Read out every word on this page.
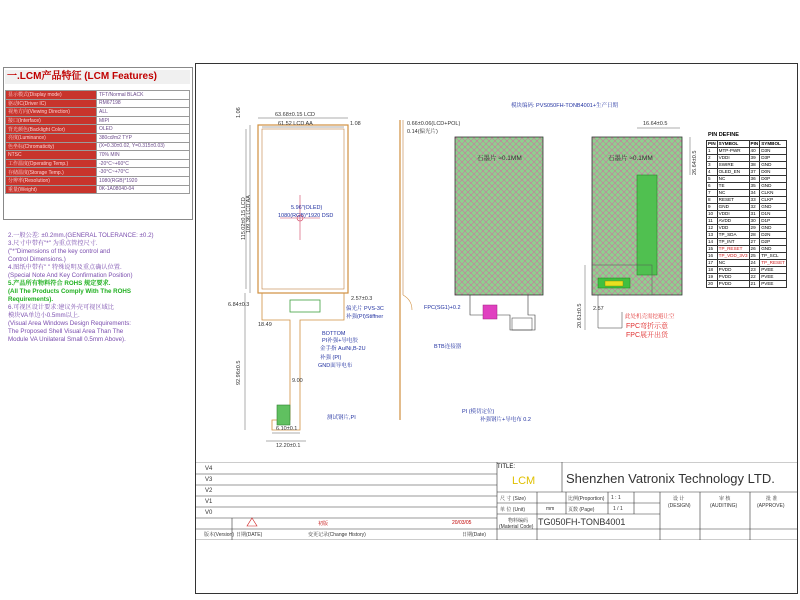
一.LCM产品特征 (LCM Features)
显示模式(Display mode)	TFT/Normal BLACK
驱动IC(Driver IC)	RM67198
视角方向(Viewing Direction)	ALL
接口(Interface)	MIPI
背光颜色(Backlight Color)	OLED
亮度(Luminance)	380cd/m2 TYP
色坐标(Chromaticity)	(X=0.30±0.02, Y=0.315±0.03)
NTSC	70% MIN
工作温度(Operating Temp.)	-20°C~+60°C
存储温度(Storage Temp.)	-30°C~+70°C
分辨率(Resolution)	1080(RGB)*1920
重量(Weight)	0K-1A08040-04
2.一般公差: ±0.2mm.(GENERAL TOLERANCE: ±0.2)
3.尺寸中带有"*" 为重点管控尺寸.
("*"Dimensions of the key control and
Control Dimensions.)
4.图纸中带有" " 特殊说明及重点确认位置.
(Special Note And Key Confirmation Position)
5.产品所有物料符合 ROHS 规定要求.
(All The Products Comply With The ROHS
Requirements).
6.可视区设计要求:建议外壳可视区域比
模块VA单边小0.5mm以上.
(Visual Area Windows Design Requirements:
The Proposed Shell Visual Area Than The
Module VA Unilateral Small 0.5mm Above).
63.68±0.15 LCD
61.52 LCD AA	1.08
1.06
115.02±0.15 LCD 109.36 LCD AA	5.96"(OLED)
1080(RGB)*1920 DSD
6.84±0.3
2.57±0.3
18.49
92.96±0.5	9.00
6.10±0.1
12.20±0.1
偏光片 PVS-3C
补强(PI)Stiffner
BOTTOM
PI补强+导电胶
金手指 Au/Ni,B-2U
补强 (PI)
GND面导电布
测试钢片,PI
0.66±0.06(LCD+POL)
0.14(偏光片)
模块编码: PVS050FH-TONB4001+生产日期
石墨片 ≈0.1MM
FPC(SG1)+0.2
BTB连接器
PI (模切定位)
补强钢片+导电布 0.2
16.64±0.5
26.64±0.5
20.61±0.5 2.57
石墨片 ≈0.1MM
此处机壳需挖避让空
FPC弯折示意
FPC展开出货
PIN DEFINE
PIN	SYMBOL	PIN	SYMBOL
1	MTP-PWR	40	D3N
2	VDDI	39	D3P
3	SWIRE	38	GND
4	OLED_EN	37	D0N
5	NC	36	D0P
6	TE	35	GND
7	NC	34	CLKN
8	RESET	33	CLKP
9	GND	32	GND
10	VDDI	31	D1N
11	AVDD	30	D1P
12	VDD	29	GND
13	TP_SDA	28	D2N
14	TP_INT	27	D2P
15	TP_RESET	26	GND
16	TP_VDD_3V3	25	TP_SCL
17	NC	24	TP_RESET
18	PVDD	23	PVEE
19	PVDD	22	PVEE
20	PVDD	21	PVEE
V4
V3
V2
V1
V0
初版	20/03/05
版本(Version) 日期(DATE)	变更记录(Change History)	日期(Date)
TITLE:
LCM Shenzhen Vatronix Technology LTD.
尺 寸 (Size)
单 位 (Unit)	mm
比例(Proportion) 1 : 1
页数 (Page)	1 / 1
设 计
(DESIGN)
审 核
(AUDITING)
批 准
(APPROVE)
物料编码
(Material Code) TG050FH-TONB4001
